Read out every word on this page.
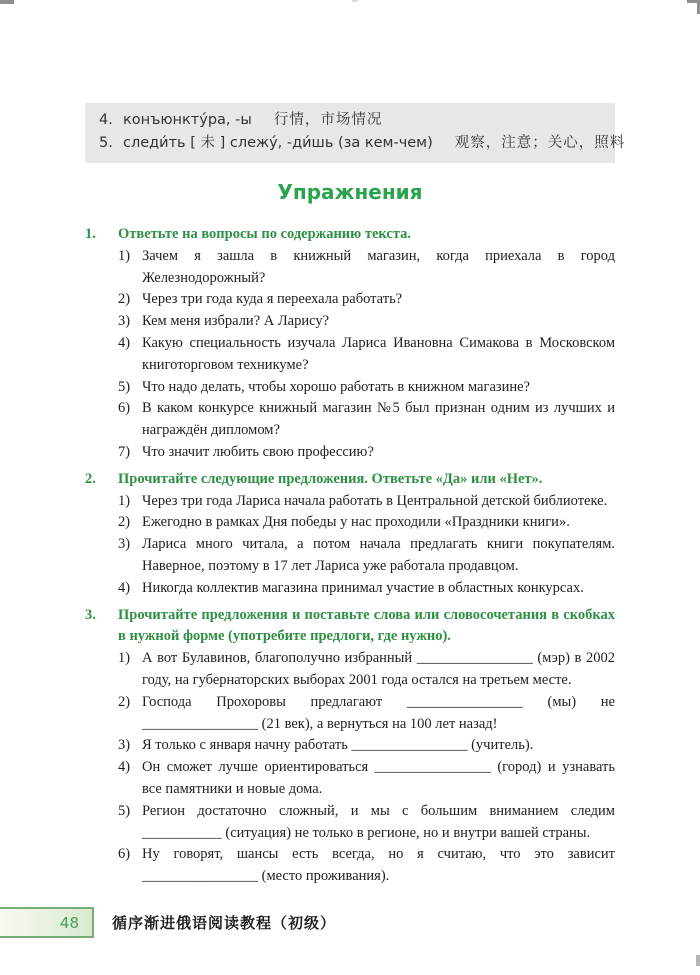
4. конъюнкту́ра, -ы 行情，市场情况
5. следи́ть [ 未 ] слежу́, -ди́шь (за кем-чем) 观察，注意；关心，照料
Упражнения
1.	Ответьте на вопросы по содержанию текста.
1) Зачем я зашла в книжный магазин, когда приехала в город Железнодорожный?
2) Через три года куда я переехала работать?
3) Кем меня избрали? А Ларису?
4) Какую специальность изучала Лариса Ивановна Симакова в Московском книготорговом техникуме?
5) Что надо делать, чтобы хорошо работать в книжном магазине?
6) В каком конкурсе книжный магазин №5 был признан одним из лучших и награждён дипломом?
7) Что значит любить свою профессию?
2.	Прочитайте следующие предложения. Ответьте «Да» или «Нет».
1) Через три года Лариса начала работать в Центральной детской библиотеке.
2) Ежегодно в рамках Дня победы у нас проходили «Праздники книги».
3) Лариса много читала, а потом начала предлагать книги покупателям. Наверное, поэтому в 17 лет Лариса уже работала продавцом.
4) Никогда коллектив магазина принимал участие в областных конкурсах.
3.	Прочитайте предложения и поставьте слова или словосочетания в скобках в нужной форме (употребите предлоги, где нужно).
1) А вот Булавинов, благополучно избранный ________________ (мэр) в 2002 году, на губернаторских выборах 2001 года остался на третьем месте.
2) Господа Прохоровы предлагают ________________ (мы) не ________________ (21 век), а вернуться на 100 лет назад!
3) Я только с января начну работать ________________ (учитель).
4) Он сможет лучше ориентироваться ________________ (город) и узнавать все памятники и новые дома.
5) Регион достаточно сложный, и мы с большим вниманием следим ___________ (ситуация) не только в регионе, но и внутри вашей страны.
6) Ну говорят, шансы есть всегда, но я считаю, что это зависит ________________ (место проживания).
48 循序渐进俄语阅读教程（初级）
